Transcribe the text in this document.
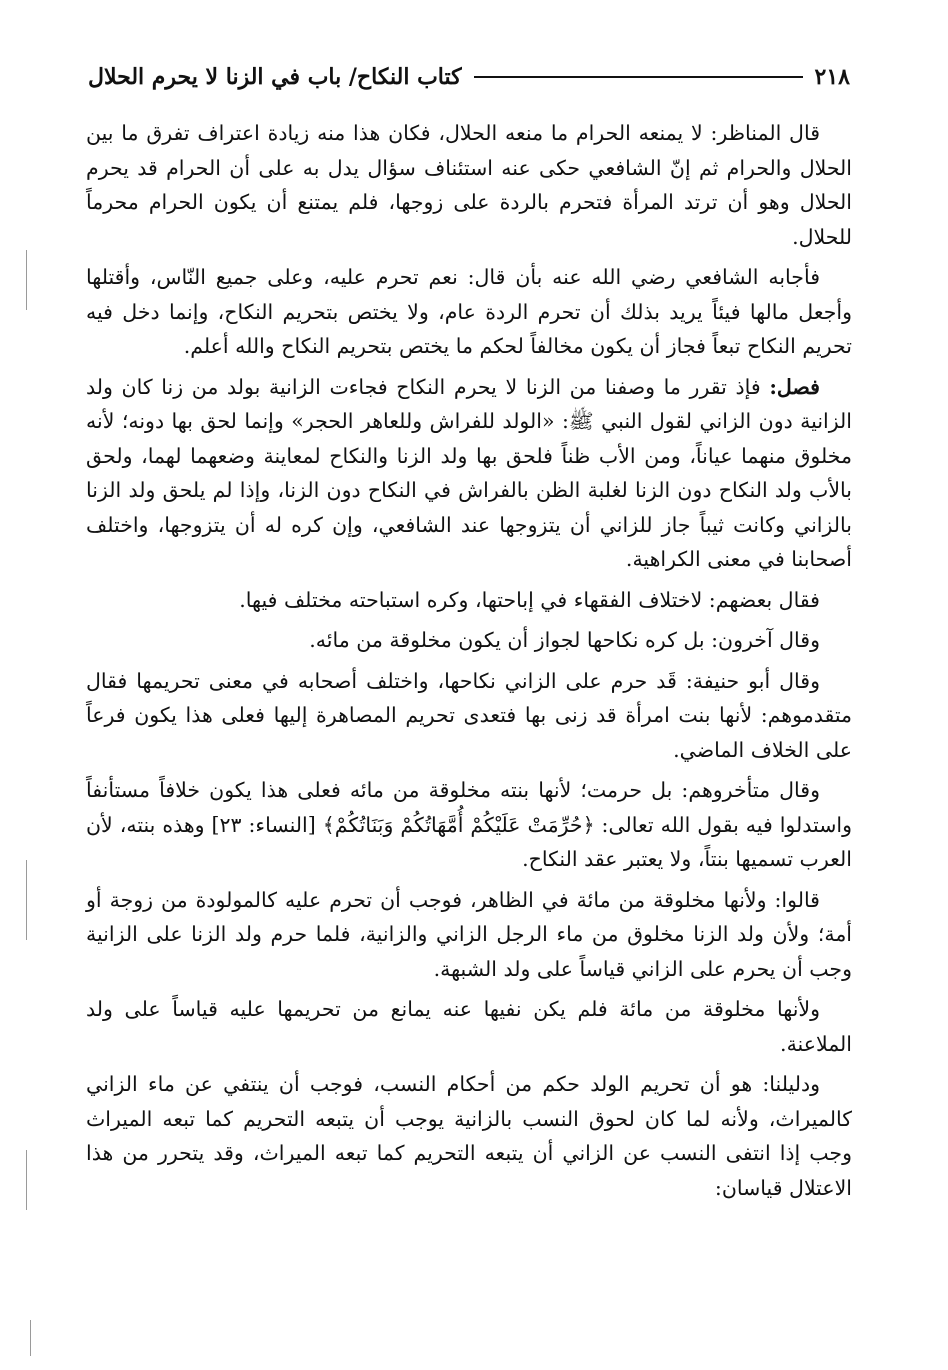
٢١٨
كتاب النكاح/ باب في الزنا لا يحرم الحلال

قال المناظر: لا يمنعه الحرام ما منعه الحلال، فكان هذا منه زيادة اعتراف تفرق ما بين الحلال والحرام ثم إنّ الشافعي حكى عنه استئناف سؤال يدل به على أن الحرام قد يحرم الحلال وهو أن ترتد المرأة فتحرم بالردة على زوجها، فلم يمتنع أن يكون الحرام محرماً للحلال.

فأجابه الشافعي رضي الله عنه بأن قال: نعم تحرم عليه، وعلى جميع النّاس، وأقتلها وأجعل مالها فيئاً يريد بذلك أن تحرم الردة عام، ولا يختص بتحريم النكاح، وإنما دخل فيه تحريم النكاح تبعاً فجاز أن يكون مخالفاً لحكم ما يختص بتحريم النكاح والله أعلم.

فصل: فإذ تقرر ما وصفنا من الزنا لا يحرم النكاح فجاءت الزانية بولد من زنا كان ولد الزانية دون الزاني لقول النبي ﷺ: «الولد للفراش وللعاهر الحجر» وإنما لحق بها دونه؛ لأنه مخلوق منهما عياناً، ومن الأب ظناً فلحق بها ولد الزنا والنكاح لمعاينة وضعهما لهما، ولحق بالأب ولد النكاح دون الزنا لغلبة الظن بالفراش في النكاح دون الزنا، وإذا لم يلحق ولد الزنا بالزاني وكانت ثيباً جاز للزاني أن يتزوجها عند الشافعي، وإن كره له أن يتزوجها، واختلف أصحابنا في معنى الكراهية.

فقال بعضهم: لاختلاف الفقهاء في إباحتها، وكره استباحته مختلف فيها.
وقال آخرون: بل كره نكاحها لجواز أن يكون مخلوقة من مائه.

وقال أبو حنيفة: قَد حرم على الزاني نكاحها، واختلف أصحابه في معنى تحريمها فقال متقدموهم: لأنها بنت امرأة قد زنى بها فتعدى تحريم المصاهرة إليها فعلى هذا يكون فرعاً على الخلاف الماضي.

وقال متأخروهم: بل حرمت؛ لأنها بنته مخلوقة من مائه فعلى هذا يكون خلافاً مستأنفاً واستدلوا فيه بقول الله تعالى: ﴿حُرِّمَتْ عَلَيْكُمْ أُمَّهَاتُكُمْ وَبَنَاتُكُمْ﴾ [النساء: ٢٣] وهذه بنته، لأن العرب تسميها بنتاً، ولا يعتبر عقد النكاح.

قالوا: ولأنها مخلوقة من مائة في الظاهر، فوجب أن تحرم عليه كالمولودة من زوجة أو أمة؛ ولأن ولد الزنا مخلوق من ماء الرجل الزاني والزانية، فلما حرم ولد الزنا على الزانية وجب أن يحرم على الزاني قياساً على ولد الشبهة.

ولأنها مخلوقة من مائة فلم يكن نفيها عنه يمانع من تحريمها عليه قياساً على ولد الملاعنة.

ودليلنا: هو أن تحريم الولد حكم من أحكام النسب، فوجب أن ينتفي عن ماء الزاني كالميراث، ولأنه لما كان لحوق النسب بالزانية يوجب أن يتبعه التحريم كما تبعه الميراث وجب إذا انتفى النسب عن الزاني أن يتبعه التحريم كما تبعه الميراث، وقد يتحرر من هذا الاعتلال قياسان:
